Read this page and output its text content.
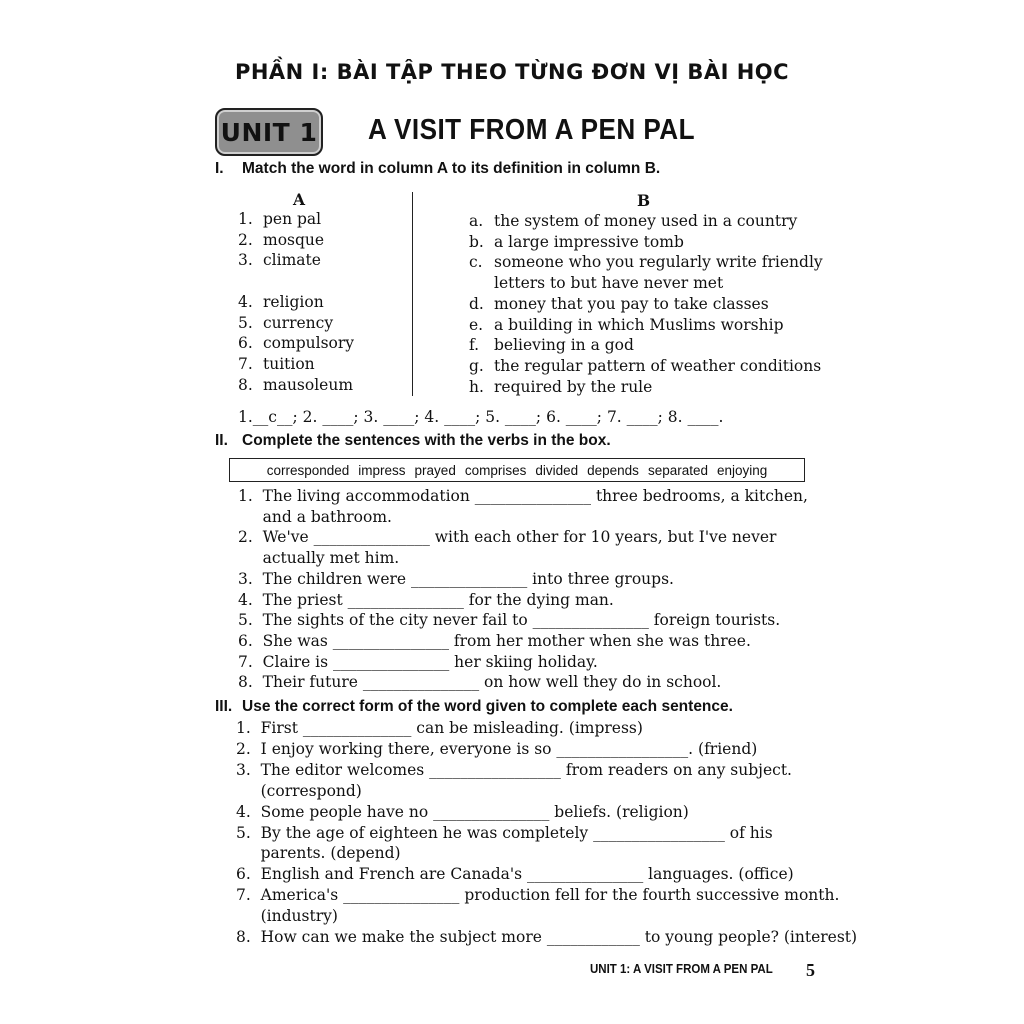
PHẦN I: BÀI TẬP THEO TỪNG ĐƠN VỊ BÀI HỌC
UNIT 1 A VISIT FROM A PEN PAL
I. Match the word in column A to its definition in column B.
A	B
1. pen pal
2. mosque
3. climate
4. religion
5. currency
6. compulsory
7. tuition
8. mausoleum
a. the system of money used in a country
b. a large impressive tomb
c. someone who you regularly write friendly
letters to but have never met
d. money that you pay to take classes
e. a building in which Muslims worship
f. believing in a god
g. the regular pattern of weather conditions
h. required by the rule
1.__c__; 2. ____; 3. ____; 4. ____; 5. ____; 6. ____; 7. ____; 8. ____.
II. Complete the sentences with the verbs in the box.
corresponded impress prayed comprises divided depends separated enjoying
1.  The living accommodation _______________ three bedrooms, a kitchen,
and a bathroom.
2.  We've _______________ with each other for 10 years, but I've never
actually met him.
3.  The children were _______________ into three groups.
4.  The priest _______________ for the dying man.
5.  The sights of the city never fail to _______________ foreign tourists.
6.  She was _______________ from her mother when she was three.
7.  Claire is _______________ her skiing holiday.
8.  Their future _______________ on how well they do in school.
III. Use the correct form of the word given to complete each sentence.
1.  First ______________ can be misleading. (impress)
2.  I enjoy working there, everyone is so _________________. (friend)
3.  The editor welcomes _________________ from readers on any subject.
(correspond)
4.  Some people have no _______________ beliefs. (religion)
5.  By the age of eighteen he was completely _________________ of his
parents. (depend)
6.  English and French are Canada's _______________ languages. (office)
7.  America's _______________ production fell for the fourth successive month.
(industry)
8.  How can we make the subject more ____________ to young people? (interest)
UNIT 1: A VISIT FROM A PEN PAL 5
